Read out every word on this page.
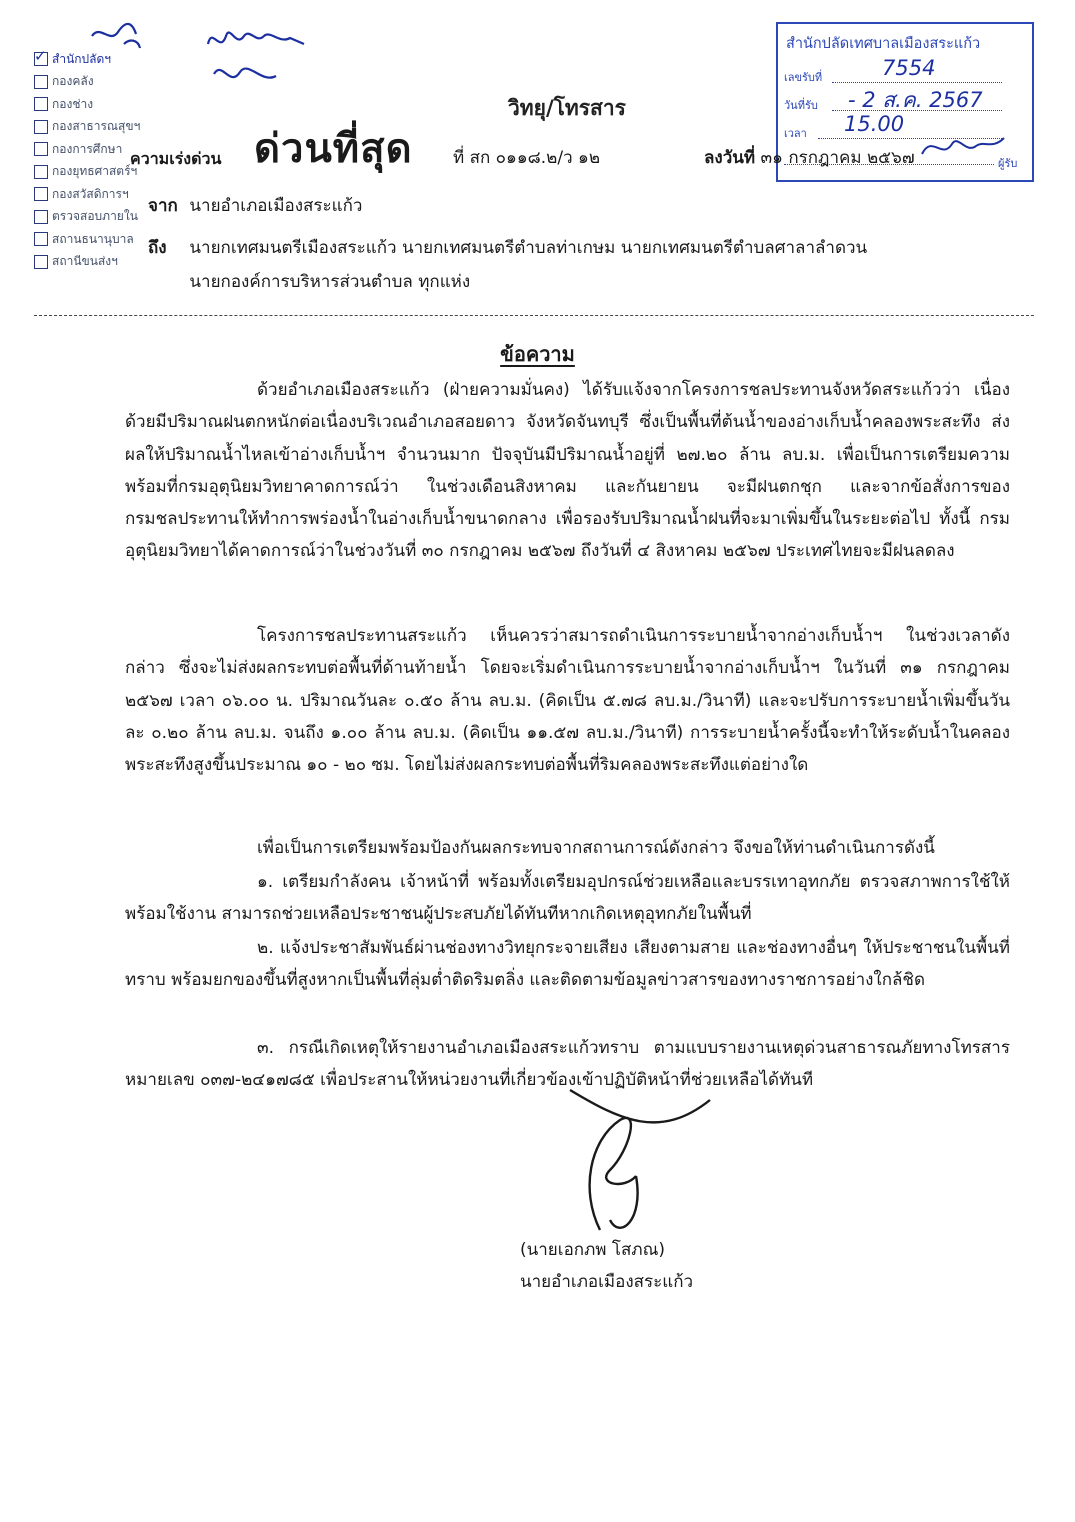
✓
สำนักปลัดฯ
กองคลัง
กองช่าง
กองสาธารณสุขฯ
กองการศึกษา
กองยุทธศาสตร์ฯ
กองสวัสดิการฯ
ตรวจสอบภายใน
สถานธนานุบาล
สถานีขนส่งฯ
สำนักปลัดเทศบาลเมืองสระแก้ว
เลขรับที่	7554
วันที่รับ - 2 ส.ค. 2567
เวลา 15.00
ผู้รับ
วิทยุ/โทรสาร
ความเร่งด่วน ด่วนที่สุด ที่ สก ๐๑๑๘.๒/ว ๑๒	ลงวันที่ ๓๑ กรกฎาคม ๒๕๖๗
จาก นายอำเภอเมืองสระแก้ว
ถึง นายกเทศมนตรีเมืองสระแก้ว นายกเทศมนตรีตำบลท่าเกษม นายกเทศมนตรีตำบลศาลาลำดวน
นายกองค์การบริหารส่วนตำบล ทุกแห่ง
ข้อความ
ด้วยอำเภอเมืองสระแก้ว (ฝ่ายความมั่นคง) ได้รับแจ้งจากโครงการชลประทานจังหวัดสระแก้วว่า เนื่องด้วยมีปริมาณฝนตกหนักต่อเนื่องบริเวณอำเภอสอยดาว จังหวัดจันทบุรี ซึ่งเป็นพื้นที่ต้นน้ำของอ่างเก็บน้ำคลองพระสะทึง ส่งผลให้ปริมาณน้ำไหลเข้าอ่างเก็บน้ำฯ จำนวนมาก ปัจจุบันมีปริมาณน้ำอยู่ที่ ๒๗.๒๐ ล้าน ลบ.ม. เพื่อเป็นการเตรียมความพร้อมที่กรมอุตุนิยมวิทยาคาดการณ์ว่า ในช่วงเดือนสิงหาคม และกันยายน จะมีฝนตกชุก และจากข้อสั่งการของกรมชลประทานให้ทำการพร่องน้ำในอ่างเก็บน้ำขนาดกลาง เพื่อรองรับปริมาณน้ำฝนที่จะมาเพิ่มขึ้นในระยะต่อไป ทั้งนี้ กรมอุตุนิยมวิทยาได้คาดการณ์ว่าในช่วงวันที่ ๓๐ กรกฎาคม ๒๕๖๗ ถึงวันที่ ๔ สิงหาคม ๒๕๖๗ ประเทศไทยจะมีฝนลดลง
โครงการชลประทานสระแก้ว เห็นควรว่าสมารถดำเนินการระบายน้ำจากอ่างเก็บน้ำฯ ในช่วงเวลาดังกล่าว ซึ่งจะไม่ส่งผลกระทบต่อพื้นที่ด้านท้ายน้ำ โดยจะเริ่มดำเนินการระบายน้ำจากอ่างเก็บน้ำฯ ในวันที่ ๓๑ กรกฎาคม ๒๕๖๗ เวลา ๐๖.๐๐ น. ปริมาณวันละ ๐.๕๐ ล้าน ลบ.ม. (คิดเป็น ๕.๗๘ ลบ.ม./วินาที) และจะปรับการระบายน้ำเพิ่มขึ้นวันละ ๐.๒๐ ล้าน ลบ.ม. จนถึง ๑.๐๐ ล้าน ลบ.ม. (คิดเป็น ๑๑.๕๗ ลบ.ม./วินาที) การระบายน้ำครั้งนี้จะทำให้ระดับน้ำในคลองพระสะทึงสูงขึ้นประมาณ ๑๐ - ๒๐ ซม. โดยไม่ส่งผลกระทบต่อพื้นที่ริมคลองพระสะทึงแต่อย่างใด
เพื่อเป็นการเตรียมพร้อมป้องกันผลกระทบจากสถานการณ์ดังกล่าว จึงขอให้ท่านดำเนินการดังนี้
๑. เตรียมกำลังคน เจ้าหน้าที่ พร้อมทั้งเตรียมอุปกรณ์ช่วยเหลือและบรรเทาอุทกภัย ตรวจสภาพการใช้ให้พร้อมใช้งาน สามารถช่วยเหลือประชาชนผู้ประสบภัยได้ทันทีหากเกิดเหตุอุทกภัยในพื้นที่
๒. แจ้งประชาสัมพันธ์ผ่านช่องทางวิทยุกระจายเสียง เสียงตามสาย และช่องทางอื่นๆ ให้ประชาชนในพื้นที่ทราบ พร้อมยกของขึ้นที่สูงหากเป็นพื้นที่ลุ่มต่ำติดริมตลิ่ง และติดตามข้อมูลข่าวสารของทางราชการอย่างใกล้ชิด
๓. กรณีเกิดเหตุให้รายงานอำเภอเมืองสระแก้วทราบ ตามแบบรายงานเหตุด่วนสาธารณภัยทางโทรสารหมายเลข ๐๓๗-๒๔๑๗๘๕ เพื่อประสานให้หน่วยงานที่เกี่ยวข้องเข้าปฏิบัติหน้าที่ช่วยเหลือได้ทันที
(นายเอกภพ โสภณ)
นายอำเภอเมืองสระแก้ว
